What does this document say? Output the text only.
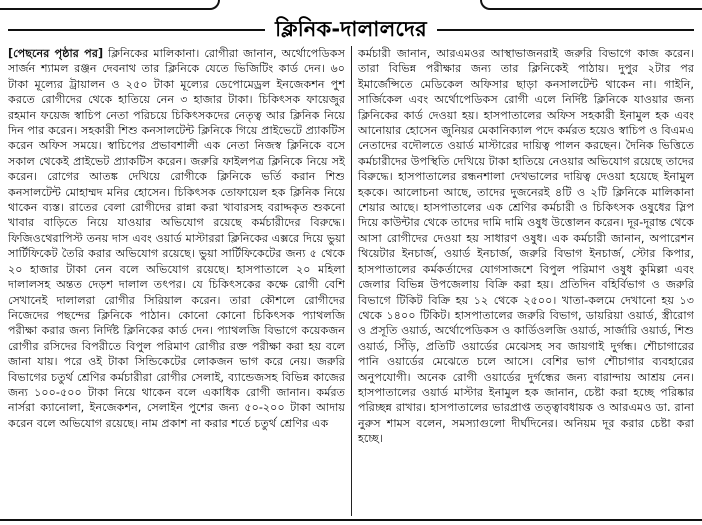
ক্লিনিক-দালালদের

[পেছনের পৃষ্ঠার পর] ক্লিনিকের মালিকানা। রোগীরা জানান, অর্থোপেডিকস সার্জন শ্যামল রঞ্জন দেবনাথ তার ক্লিনিকে যেতে ভিজিটিং কার্ড দেন। ৬০ টাকা মূল্যের ট্রায়ালন ও ২৫০ টাকা মূল্যের ডেপোমেড্রল ইনজেকশন পুশ করতে রোগীদের থেকে হাতিয়ে নেন ৩ হাজার টাকা। চিকিৎসক ফায়েজুর রহমান ফয়েজ স্বাচিপ নেতা পরিচয়ে চিকিৎসকদের নেতৃত্ব আর ক্লিনিক নিয়ে দিন পার করেন। সহকারী শিশু কনসালটেন্ট ক্লিনিকে গিয়ে প্রাইভেটে প্র্যাকটিস করেন অফিস সময়ে। স্বাচিপের প্রভাবশালী এক নেতা নিজস্ব ক্লিনিকে বসে সকাল থেকেই প্রাইভেট প্র্যাকটিস করেন। জরুরি ফাইলপত্র ক্লিনিকে নিয়ে সই করেন। রোগের আতঙ্ক দেখিয়ে রোগীকে ক্লিনিকে ভর্তি করান শিশু কনসালটেন্ট মোহাম্মদ মনির হোসেন। চিকিৎসক তোফায়েল হক ক্লিনিক নিয়ে থাকেন ব্যস্ত। রাতের বেলা রোগীদের রান্না করা খাবারসহ বরাদ্দকৃত শুকনো খাবার বাড়িতে নিয়ে যাওয়ার অভিযোগ রয়েছে কর্মচারীদের বিরুদ্ধে। ফিজিওথেরাপিস্ট তনয় দাস এবং ওয়ার্ড মাস্টাররা ক্লিনিকের এক্সরে দিয়ে ভুয়া সার্টিফিকেট তৈরি করার অভিযোগ রয়েছে। ভুয়া সার্টিফিকেটের জন্য ৫ থেকে ২০ হাজার টাকা নেন বলে অভিযোগ রয়েছে। হাসপাতালে ২০ মহিলা দালালসহ অন্তত দেড়শ দালাল তৎপর। যে চিকিৎসকের কক্ষে রোগী বেশি সেখানেই দালালরা রোগীর সিরিয়াল করেন। তারা কৌশলে রোগীদের নিজেদের পছন্দের ক্লিনিকে পাঠান। কোনো কোনো চিকিৎসক প্যাথলজি পরীক্ষা করার জন্য নির্দিষ্ট ক্লিনিকের কার্ড দেন। প্যাথলজি বিভাগে কয়েকজন রোগীর রসিদের বিপরীতে বিপুল পরিমাণ রোগীর রক্ত পরীক্ষা করা হয় বলে জানা যায়। পরে ওই টাকা সিন্ডিকেটের লোকজন ভাগ করে নেয়। জরুরি বিভাগের চতুর্থ শ্রেণির কর্মচারীরা রোগীর সেলাই, ব্যান্ডেজসহ বিভিন্ন কাজের জন্য ১০০-৫০০ টাকা নিয়ে থাকেন বলে একাধিক রোগী জানান। কর্মরত নার্সরা ক্যানোলা, ইনজেকশন, সেলাইন পুশের জন্য ৫০-২০০ টাকা আদায় করেন বলে অভিযোগ রয়েছে। নাম প্রকাশ না করার শর্তে চতুর্থ শ্রেণির এক

কর্মচারী জানান, আরএমওর আস্থাভাজনরাই জরুরি বিভাগে কাজ করেন। তারা বিভিন্ন পরীক্ষার জন্য তার ক্লিনিকেই পাঠায়। দুপুর ২টার পর ইমার্জেন্সিতে মেডিকেল অফিসার ছাড়া কনসালটেন্ট থাকেন না। গাইনি, সার্জিকেল এবং অর্থোপেডিকস রোগী এলে নির্দিষ্ট ক্লিনিকে যাওয়ার জন্য ক্লিনিকের কার্ড দেওয়া হয়। হাসপাতালের অফিস সহকারী ইনামুল হক এবং আনোয়ার হোসেন জুনিয়র মেকানিক্যাল পদে কর্মরত হয়েও স্বাচিপ ও বিএমএ নেতাদের বদৌলতে ওয়ার্ড মাস্টারের দায়িত্ব পালন করছেন। দৈনিক ভিত্তিতে কর্মচারীদের উপস্থিতি দেখিয়ে টাকা হাতিয়ে নেওয়ার অভিযোগ রয়েছে তাদের বিরুদ্ধে। হাসপাতালের রন্ধনশালা দেখভালের দায়িত্ব দেওয়া হয়েছে ইনামুল হককে। আলোচনা আছে, তাদের দুজনেরই ৪টি ও ২টি ক্লিনিকে মালিকানা শেয়ার আছে। হাসপাতালের এক শ্রেণির কর্মচারী ও চিকিৎসক ওষুধের স্লিপ দিয়ে কাউন্টার থেকে তাদের দামি দামি ওষুধ উত্তোলন করেন। দূর-দূরান্ত থেকে আসা রোগীদের দেওয়া হয় সাধারণ ওষুধ। এক কর্মচারী জানান, অপারেশন থিয়েটার ইনচার্জ, ওয়ার্ড ইনচার্জ, জরুরি বিভাগ ইনচার্জ, স্টোর কিপার, হাসপাতালের কর্মকর্তাদের যোগসাজশে বিপুল পরিমাণ ওষুধ কুমিল্লা এবং জেলার বিভিন্ন উপজেলায় বিক্রি করা হয়। প্রতিদিন বহির্বিভাগ ও জরুরি বিভাগে টিকিট বিক্রি হয় ১২ থেকে ২৫০০। খাতা-কলমে দেখানো হয় ১৩ থেকে ১৪০০ টিকিট। হাসপাতালের জরুরি বিভাগ, ডায়রিয়া ওয়ার্ড, স্ত্রীরোগ ও প্রসূতি ওয়ার্ড, অর্থোপেডিকস ও কার্ডিওলজি ওয়ার্ড, সার্জারি ওয়ার্ড, শিশু ওয়ার্ড, সিঁড়ি, প্রতিটি ওয়ার্ডের মেঝেসহ সব জায়গাই দুর্গন্ধ। শৌচাগারের পানি ওয়ার্ডের মেঝেতে চলে আসে। বেশির ভাগ শৌচাগার ব্যবহারের অনুপযোগী। অনেক রোগী ওয়ার্ডের দুর্গন্ধের জন্য বারান্দায় আশ্রয় নেন। হাসপাতালের ওয়ার্ড মাস্টার ইনামুল হক জানান, চেষ্টা করা হচ্ছে পরিষ্কার পরিচ্ছন্ন রাখার। হাসপাতালের ভারপ্রাপ্ত তত্ত্বাবধায়ক ও আরএমও ডা. রানা নুরুস শামস বলেন, সমস্যাগুলো দীর্ঘদিনের। অনিয়ম দূর করার চেষ্টা করা হচ্ছে।
